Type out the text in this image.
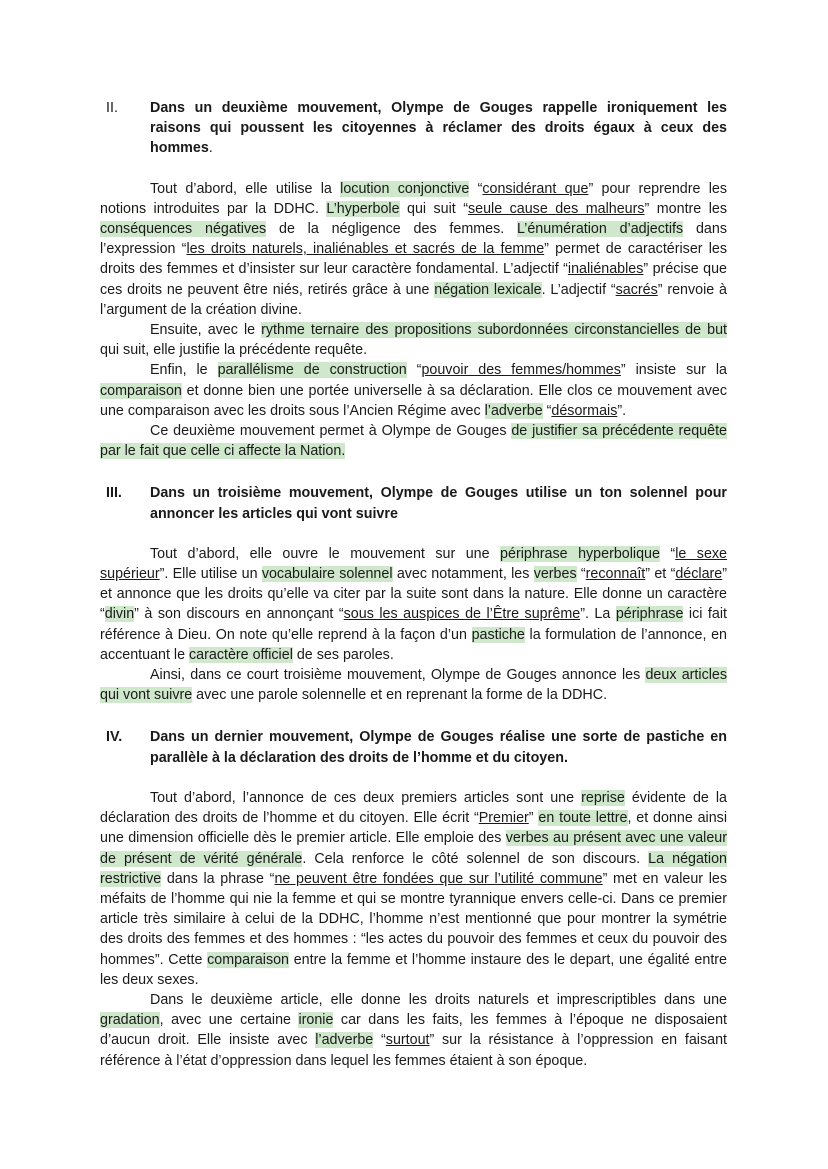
II.	Dans un deuxième mouvement, Olympe de Gouges rappelle ironiquement les raisons qui poussent les citoyennes à réclamer des droits égaux à ceux des hommes.

Tout d’abord, elle utilise la locution conjonctive “considérant que” pour reprendre les notions introduites par la DDHC. L’hyperbole qui suit “seule cause des malheurs” montre les conséquences négatives de la négligence des femmes. L’énumération d’adjectifs dans l’expression “les droits naturels, inaliénables et sacrés de la femme” permet de caractériser les droits des femmes et d’insister sur leur caractère fondamental. L’adjectif “inaliénables” précise que ces droits ne peuvent être niés, retirés grâce à une négation lexicale. L’adjectif “sacrés” renvoie à l’argument de la création divine.

Ensuite, avec le rythme ternaire des propositions subordonnées circonstancielles de but qui suit, elle justifie la précédente requête.

Enfin, le parallélisme de construction “pouvoir des femmes/hommes” insiste sur la comparaison et donne bien une portée universelle à sa déclaration. Elle clos ce mouvement avec une comparaison avec les droits sous l’Ancien Régime avec l’adverbe “désormais”.

Ce deuxième mouvement permet à Olympe de Gouges de justifier sa précédente requête par le fait que celle ci affecte la Nation.

III.	Dans un troisième mouvement, Olympe de Gouges utilise un ton solennel pour annoncer les articles qui vont suivre

Tout d’abord, elle ouvre le mouvement sur une périphrase hyperbolique “le sexe supérieur”. Elle utilise un vocabulaire solennel avec notamment, les verbes “reconnaît” et “déclare” et annonce que les droits qu’elle va citer par la suite sont dans la nature. Elle donne un caractère “divin” à son discours en annonçant “sous les auspices de l’Être suprême”. La périphrase ici fait référence à Dieu. On note qu’elle reprend à la façon d’un pastiche la formulation de l’annonce, en accentuant le caractère officiel de ses paroles.

Ainsi, dans ce court troisième mouvement, Olympe de Gouges annonce les deux articles qui vont suivre avec une parole solennelle et en reprenant la forme de la DDHC.

IV.	Dans un dernier mouvement, Olympe de Gouges réalise une sorte de pastiche en parallèle à la déclaration des droits de l’homme et du citoyen.

Tout d’abord, l’annonce de ces deux premiers articles sont une reprise évidente de la déclaration des droits de l’homme et du citoyen. Elle écrit “Premier” en toute lettre, et donne ainsi une dimension officielle dès le premier article. Elle emploie des verbes au présent avec une valeur de présent de vérité générale. Cela renforce le côté solennel de son discours. La négation restrictive dans la phrase “ne peuvent être fondées que sur l’utilité commune” met en valeur les méfaits de l’homme qui nie la femme et qui se montre tyrannique envers celle-ci. Dans ce premier article très similaire à celui de la DDHC, l’homme n’est mentionné que pour montrer la symétrie des droits des femmes et des hommes : “les actes du pouvoir des femmes et ceux du pouvoir des hommes”. Cette comparaison entre la femme et l’homme instaure des le depart, une égalité entre les deux sexes.

Dans le deuxième article, elle donne les droits naturels et imprescriptibles dans une gradation, avec une certaine ironie car dans les faits, les femmes à l’époque ne disposaient d’aucun droit. Elle insiste avec l’adverbe “surtout” sur la résistance à l’oppression en faisant référence à l’état d’oppression dans lequel les femmes étaient à son époque.
